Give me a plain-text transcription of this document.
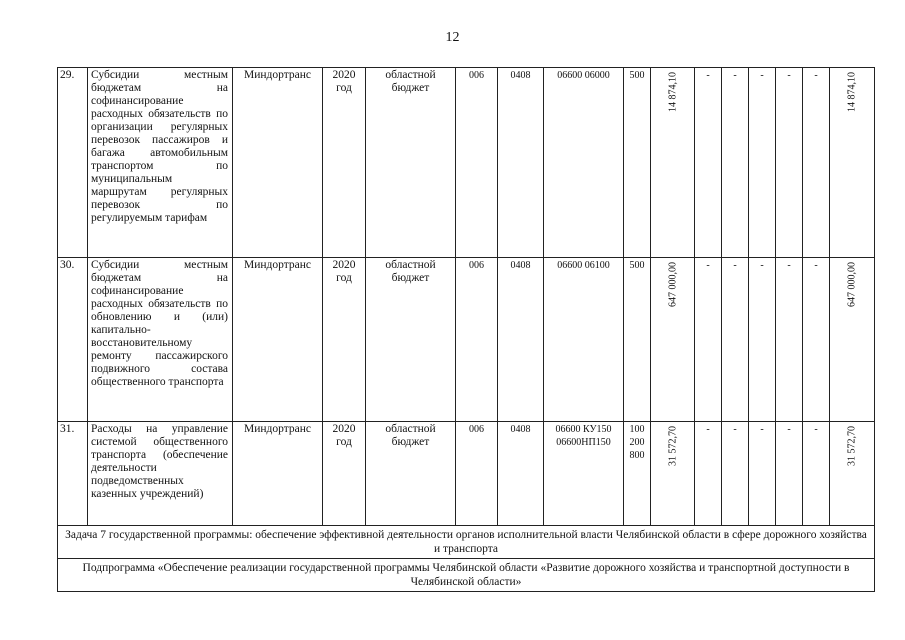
12
29.	Субсидии местным бюджетам на софинансирование расходных обязательств по организации регулярных перевозок пассажиров и багажа автомобильным транспортом по муниципальным маршрутам регулярных перевозок по регулируемым тарифам	Миндортранс	2020 год	областной бюджет	006	0408	06600 06000	500	14 874,10	-	-	-	-	-	14 874,10

30.	Субсидии местным бюджетам на софинансирование расходных обязательств по обновлению и (или) капитально-восстановительному ремонту пассажирского подвижного состава общественного транспорта	Миндортранс	2020 год	областной бюджет	006	0408	06600 06100	500	647 000,00	-	-	-	-	-	647 000,00

31.	Расходы на управление системой общественного транспорта (обеспечение деятельности подведомственных казенных учреждений)	Миндортранс	2020 год	областной бюджет	006	0408	06600 КУ150 06600НП150	100 200 800	31 572,70	-	-	-	-	-	31 572,70

Задача 7 государственной программы: обеспечение эффективной деятельности органов исполнительной власти Челябинской области в сфере дорожного хозяйства и транспорта															
Подпрограмма «Обеспечение реализации государственной программы Челябинской области «Развитие дорожного хозяйства и транспортной доступности в Челябинской области»															
